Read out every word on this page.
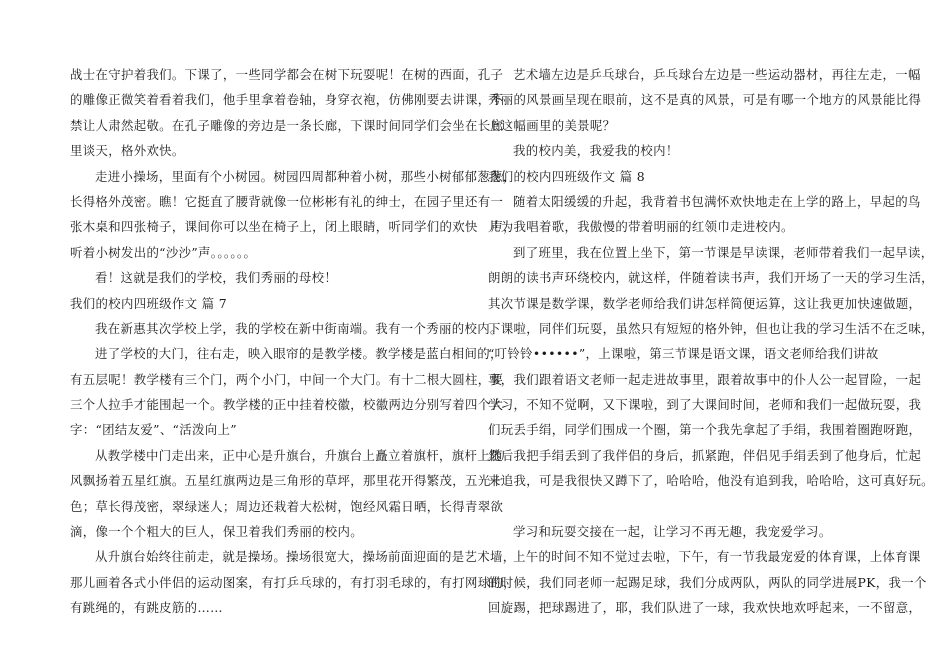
战士在守护着我们。下课了，一些同学都会在树下玩耍呢！在树的西面，孔子
的雕像正微笑着看着我们，他手里拿着卷轴，身穿衣袍，仿佛刚要去讲课，不
禁让人肃然起敬。在孔子雕像的旁边是一条长廊，下课时间同学们会坐在长廊
里谈天，格外欢快。
走进小操场，里面有个小树园。树园四周都种着小树，那些小树郁郁葱葱，
长得格外茂密。瞧！它挺直了腰背就像一位彬彬有礼的绅士，在园子里还有一
张木桌和四张椅子，课间你可以坐在椅子上，闭上眼睛，听同学们的欢快　声，
听着小树发出的“沙沙”声。。。。。。
看！这就是我们的学校，我们秀丽的母校！
我们的校内四班级作文 篇 7
我在新惠其次学校上学，我的学校在新中街南端。我有一个秀丽的校内。
进了学校的大门，往右走，映入眼帘的是教学楼。教学楼是蓝白相间的，
有五层呢！教学楼有三个门，两个小门，中间一个大门。有十二根大圆柱，要
三个人拉手才能围起一个。教学楼的正中挂着校徽，校徽两边分别写着四个大
字：“团结友爱”、“活泼向上”
从教学楼中门走出来，正中心是升旗台，升旗台上矗立着旗杆，旗杆上随
风飘扬着五星红旗。五星红旗两边是三角形的草坪，那里花开得繁茂，五光十
色；草长得茂密，翠绿迷人；周边还栽着大松树，饱经风霜日晒，长得青翠欲
滴，像一个个粗大的巨人，保卫着我们秀丽的校内。
从升旗台始终往前走，就是操场。操场很宽大，操场前面迎面的是艺术墙，
那儿画着各式小伴侣的运动图案，有打乒乓球的，有打羽毛球的，有打网球的，
有跳绳的，有跳皮筋的……
艺术墙左边是乒乓球台，乒乓球台左边是一些运动器材，再往左走，一幅
秀丽的风景画呈现在眼前，这不是真的风景，可是有哪一个地方的风景能比得
上这幅画里的美景呢？
我的校内美，我爱我的校内！
我们的校内四班级作文 篇 8
随着太阳缓缓的升起，我背着书包满怀欢快地走在上学的路上，早起的鸟
儿为我唱着歌，我傲慢的带着明丽的红领巾走进校内。
到了班里，我在位置上坐下，第一节课是早读课，老师带着我们一起早读，
朗朗的读书声环绕校内，就这样，伴随着读书声，我们开场了一天的学习生活，
其次节课是数学课，数学老师给我们讲怎样简便运算，这让我更加快速做题，
下课啦，同伴们玩耍，虽然只有短短的格外钟，但也让我的学习生活不在乏味，
“叮铃铃••••••”，上课啦，第三节课是语文课，语文老师给我们讲故
事，我们跟着语文老师一起走进故事里，跟着故事中的仆人公一起冒险，一起
学习，不知不觉啊，又下课啦，到了大课间时间，老师和我们一起做玩耍，我
们玩丢手绢，同学们围成一个圈，第一个我先拿起了手绢，我围着圈跑呀跑，
然后我把手绢丢到了我伴侣的身后，抓紧跑，伴侣见手绢丢到了他身后，忙起
来追我，可是我很快又蹲下了，哈哈哈，他没有追到我，哈哈哈，这可真好玩。
学习和玩耍交接在一起，让学习不再无趣，我宠爱学习。
上午的时间不知不觉过去啦，下午，有一节我最宠爱的体育课，上体育课
的时候，我们同老师一起踢足球，我们分成两队，两队的同学进展PK，我一个
回旋踢，把球踢进了，耶，我们队进了一球，我欢快地欢呼起来，一不留意，
